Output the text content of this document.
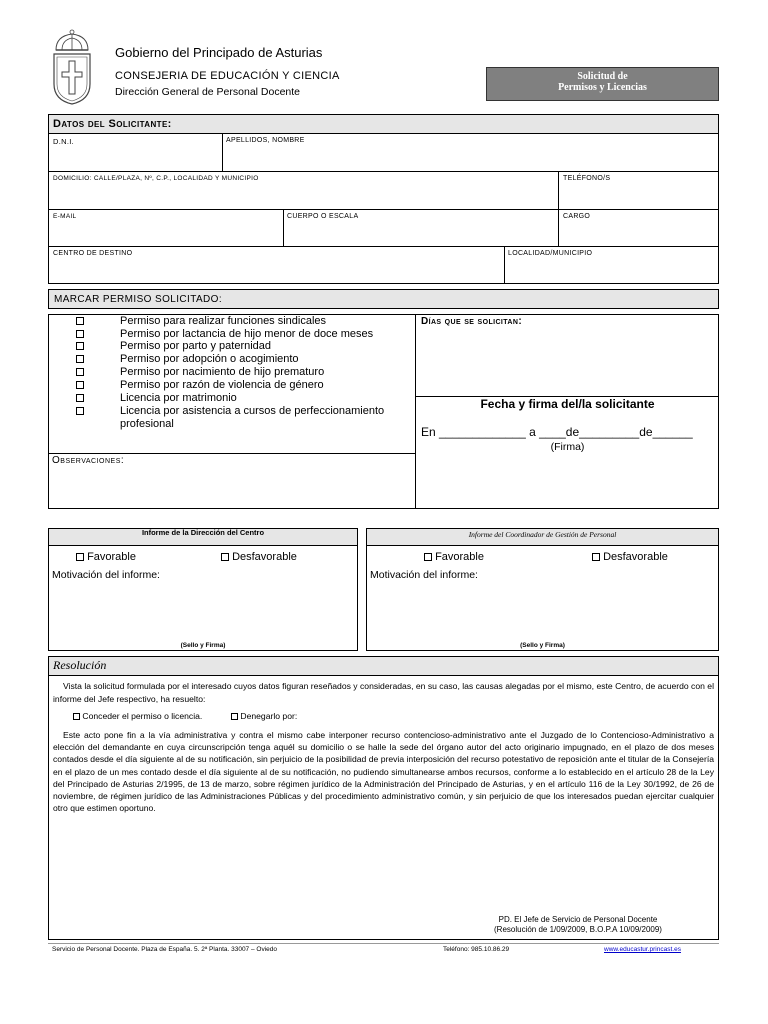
Gobierno del Principado de Asturias
CONSEJERIA DE EDUCACIÓN Y CIENCIA
Dirección General de Personal Docente
Solicitud de
Permisos y Licencias
Datos del Solicitante:
D.N.I.	APELLIDOS, NOMBRE
DOMICILIO: CALLE/PLAZA, Nº, C.P., LOCALIDAD Y MUNICIPIO	TELÉFONO/S
E-MAIL	CUERPO O ESCALA	CARGO
CENTRO DE DESTINO	LOCALIDAD/MUNICIPIO
MARCAR PERMISO SOLICITADO:
Permiso para realizar funciones sindicales
Permiso por lactancia de hijo menor de doce meses
Permiso por parto y paternidad
Permiso por adopción o acogimiento
Permiso por nacimiento de hijo prematuro
Permiso por razón de violencia de género
Licencia por matrimonio
Licencia por asistencia a cursos de perfeccionamiento
profesional
Días que se solicitan:
Fecha y firma del/la solicitante
En _____________ a ____de_________de______
(Firma)
Observaciones:
Informe de la Dirección del Centro
Favorable	Desfavorable
Motivación del informe:
(Sello y Firma)
Informe del Coordinador de Gestión de Personal
Favorable	Desfavorable
Motivación del informe:
(Sello y Firma)
Resolución
Vista la solicitud formulada por el interesado cuyos datos figuran reseñados y consideradas, en su caso, las causas alegadas por el mismo, este Centro, de acuerdo con el informe del Jefe respectivo, ha resuelto:
Conceder el permiso o licencia.	Denegarlo por:
Este acto pone fin a la vía administrativa y contra el mismo cabe interponer recurso contencioso-administrativo ante el Juzgado de lo Contencioso-Administrativo a elección del demandante en cuya circunscripción tenga aquél su domicilio o se halle la sede del órgano autor del acto originario impugnado, en el plazo de dos meses contados desde el día siguiente al de su notificación, sin perjuicio de la posibilidad de previa interposición del recurso potestativo de reposición ante el titular de la Consejería en el plazo de un mes contado desde el día siguiente al de su notificación, no pudiendo simultanearse ambos recursos, conforme a lo establecido en el artículo 28 de la Ley del Principado de Asturias 2/1995, de 13 de marzo, sobre régimen jurídico de la Administración del Principado de Asturias, y en el artículo 116 de la Ley 30/1992, de 26 de noviembre, de régimen jurídico de las Administraciones Públicas y del procedimiento administrativo común, y sin perjuicio de que los interesados puedan ejercitar cualquier otro que estimen oportuno.
PD. El Jefe de Servicio de Personal Docente
(Resolución de 1/09/2009, B.O.P.A 10/09/2009)
Servicio de Personal Docente. Plaza de España. 5. 2ª Planta. 33007 – Oviedo	Teléfono: 985.10.86.29	www.educastur.princast.es
